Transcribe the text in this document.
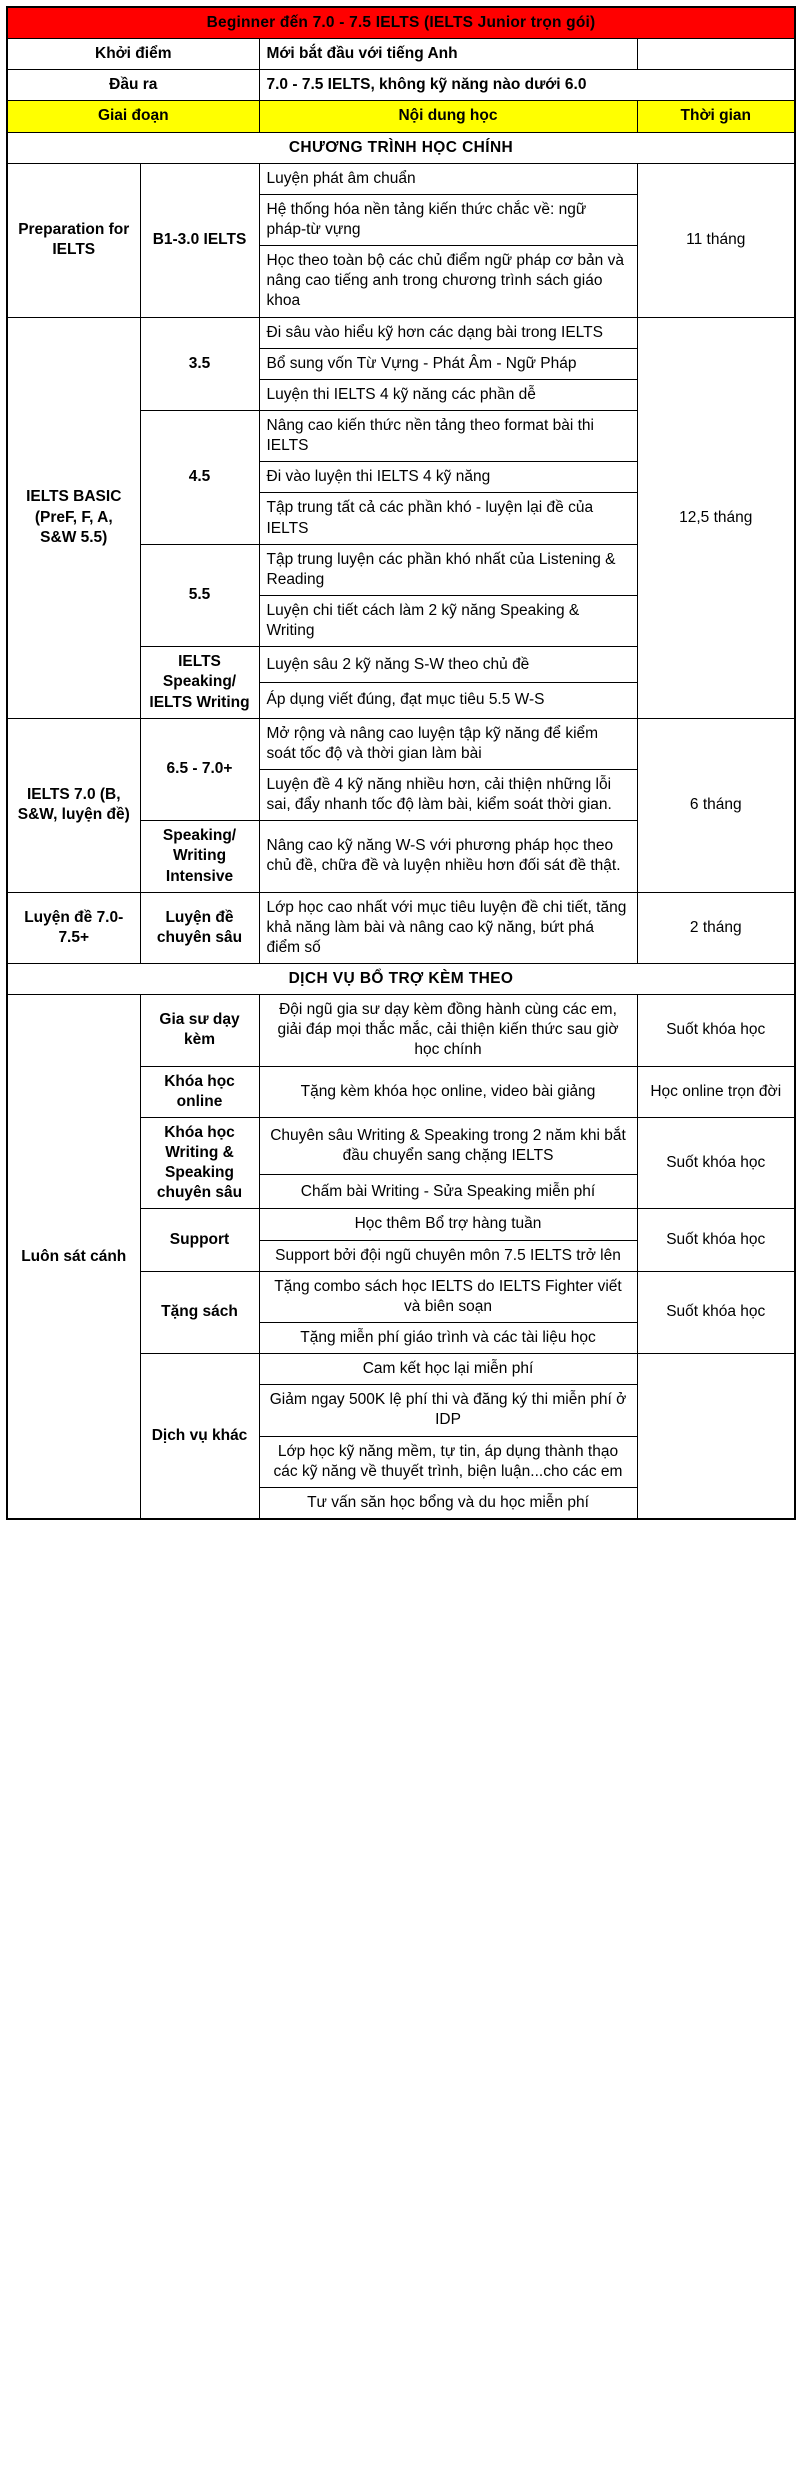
Beginner đến 7.0 - 7.5 IELTS (IELTS Junior trọn gói)			
Khởi điểm		Mới bắt đầu với tiếng Anh	
Đầu ra		7.0 - 7.5 IELTS, không kỹ năng nào dưới 6.0	
Giai đoạn		Nội dung học	Thời gian
CHƯƠNG TRÌNH HỌC CHÍNH			
Preparation for IELTS	B1-3.0 IELTS	Luyện phát âm chuẩn	11 tháng
		Hệ thống hóa nền tảng kiến thức chắc về: ngữ pháp-từ vựng	
		Học theo toàn bộ các chủ điểm ngữ pháp cơ bản và nâng cao tiếng anh trong chương trình sách giáo khoa	
IELTS BASIC (PreF, F, A, S&W 5.5)	3.5	Đi sâu vào hiểu kỹ hơn các dạng bài trong IELTS	12,5 tháng
		Bổ sung vốn Từ Vựng - Phát Âm - Ngữ Pháp	
		Luyện thi IELTS 4 kỹ năng các phần dễ	
	4.5	Nâng cao kiến thức nền tảng theo format bài thi IELTS	
		Đi vào luyện thi IELTS 4 kỹ năng	
		Tập trung tất cả các phần khó - luyện lại đề của IELTS	
	5.5	Tập trung luyện các phần khó nhất của Listening & Reading	
		Luyện chi tiết cách làm 2 kỹ năng Speaking & Writing	
	IELTS Speaking/ IELTS Writing	Luyện sâu 2 kỹ năng S-W theo chủ đề	
		Áp dụng viết đúng, đạt mục tiêu 5.5 W-S	
IELTS 7.0 (B, S&W, luyện đề)	6.5 - 7.0+	Mở rộng và nâng cao luyện tập kỹ năng để kiểm soát tốc độ và thời gian làm bài	6 tháng
		Luyện đề 4 kỹ năng nhiều hơn, cải thiện những lỗi sai, đẩy nhanh tốc độ làm bài, kiểm soát thời gian.	
	Speaking/ Writing Intensive	Nâng cao kỹ năng W-S với phương pháp học theo chủ đề, chữa đề và luyện nhiều hơn đối sát đề thật.	
Luyện đề 7.0-7.5+	Luyện đề chuyên sâu	Lớp học cao nhất với mục tiêu luyện đề chi tiết, tăng khả năng làm bài và nâng cao kỹ năng, bứt phá điểm số	2 tháng
DỊCH VỤ BỔ TRỢ KÈM THEO			
Luôn sát cánh	Gia sư dạy kèm	Đội ngũ gia sư dạy kèm đồng hành cùng các em, giải đáp mọi thắc mắc, cải thiện kiến thức sau giờ học chính	Suốt khóa học
	Khóa học online	Tặng kèm khóa học online, video bài giảng	Học online trọn đời
	Khóa học Writing & Speaking chuyên sâu	Chuyên sâu Writing & Speaking trong 2 năm khi bắt đầu chuyển sang chặng IELTS	Suốt khóa học
		Chấm bài Writing - Sửa Speaking miễn phí	
	Support	Học thêm Bổ trợ hàng tuần	Suốt khóa học
		Support bởi đội ngũ chuyên môn 7.5 IELTS trở lên	
	Tặng sách	Tặng combo sách học IELTS do IELTS Fighter viết và biên soạn	Suốt khóa học
		Tặng miễn phí giáo trình và các tài liệu học	
	Dịch vụ khác	Cam kết học lại miễn phí	
		Giảm ngay 500K lệ phí thi và đăng ký thi miễn phí ở IDP	
		Lớp học kỹ năng mềm, tự tin, áp dụng thành thạo các kỹ năng về thuyết trình, biện luận...cho các em	
		Tư vấn săn học bổng và du học miễn phí	
